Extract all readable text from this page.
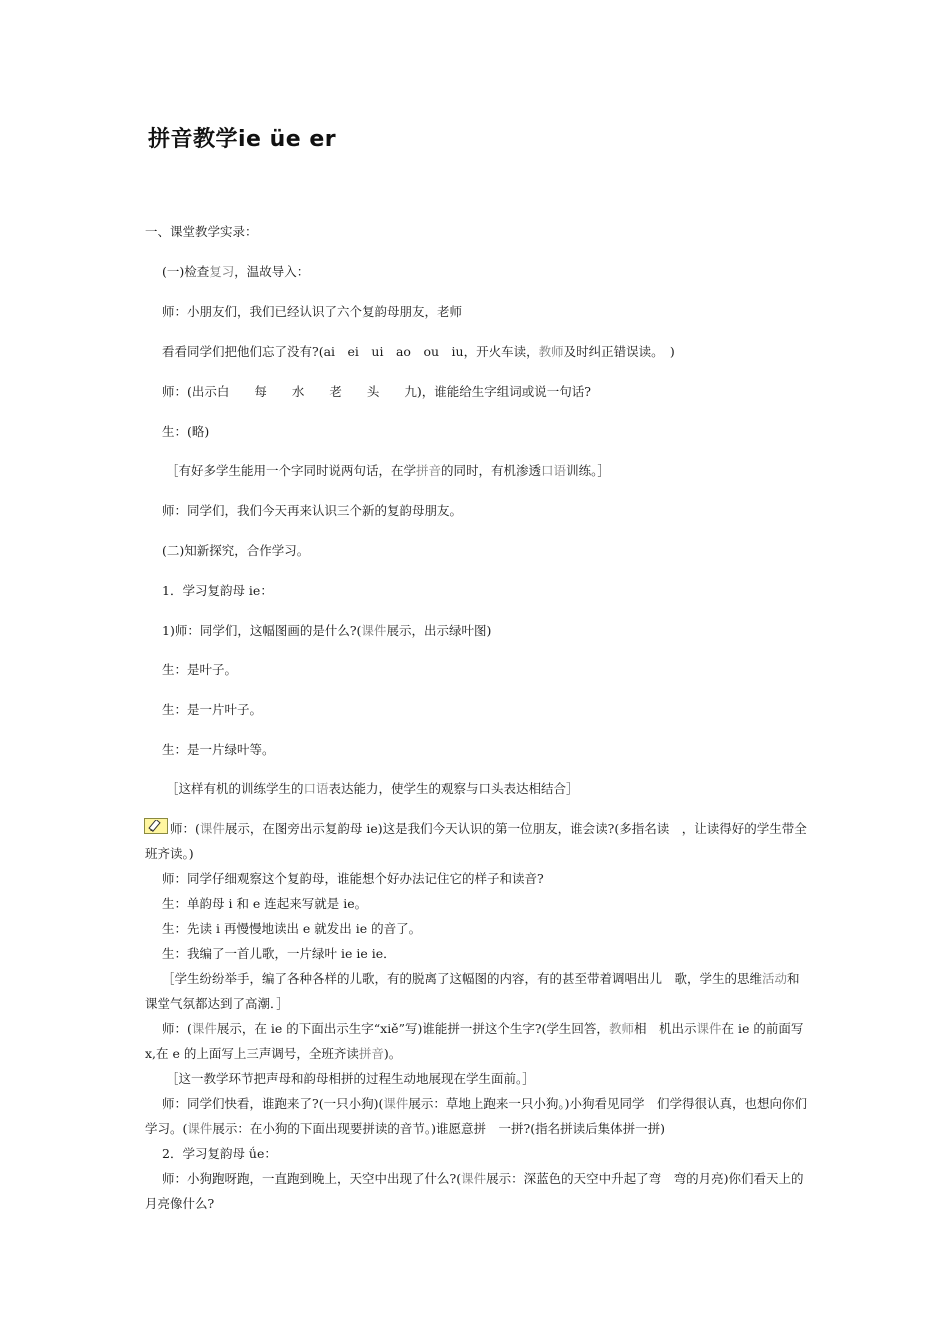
拼音教学ie üe er
一、课堂教学实录：
(一)检查复习，温故导入：
师：小朋友们，我们已经认识了六个复韵母朋友，老师
看看同学们把他们忘了没有?(ai　ei　ui　ao　ou　iu，开火车读，教师及时纠正错误读。　)
师：(出示白　　每　　水　　老　　头　　九)，谁能给生字组词或说一句话?
生：(略)
［有好多学生能用一个字同时说两句话，在学拼音的同时，有机渗透口语训练。］
师：同学们，我们今天再来认识三个新的复韵母朋友。
(二)知新探究，合作学习。
1．学习复韵母 ie：
1)师：同学们，这幅图画的是什么?(课件展示，出示绿叶图)
生：是叶子。
生：是一片叶子。
生：是一片绿叶等。
［这样有机的训练学生的口语表达能力，使学生的观察与口头表达相结合］
　　师：(课件展示，在图旁出示复韵母 ie)这是我们今天认识的第一位朋友，谁会读?(多指名读　，让读得好的学生带全班齐读。)
师：同学仔细观察这个复韵母，谁能想个好办法记住它的样子和读音?
生：单韵母 i 和 e 连起来写就是 ie。
生：先读 i 再慢慢地读出 e 就发出 ie 的音了。
生：我编了一首儿歌，一片绿叶 ie ie ie．
［学生纷纷举手，编了各种各样的儿歌，有的脱离了这幅图的内容，有的甚至带着调唱出儿　歌，学生的思维活动和课堂气氛都达到了高潮．］
师：(课件展示，在 ie 的下面出示生字“xiě”写)谁能拼一拼这个生字?(学生回答，教师相　机出示课件在 ie 的前面写 x,在 e 的上面写上三声调号，全班齐读拼音)。
［这一教学环节把声母和韵母相拼的过程生动地展现在学生面前。］
师：同学们快看，谁跑来了?(一只小狗)(课件展示：草地上跑来一只小狗。)小狗看见同学　们学得很认真，也想向你们学习。(课件展示：在小狗的下面出现要拼读的音节。)谁愿意拼　一拼?(指名拼读后集体拼一拼)
2．学习复韵母 ǘe：
师：小狗跑呀跑，一直跑到晚上，天空中出现了什么?(课件展示：深蓝色的天空中升起了弯　弯的月亮)你们看天上的月亮像什么?
